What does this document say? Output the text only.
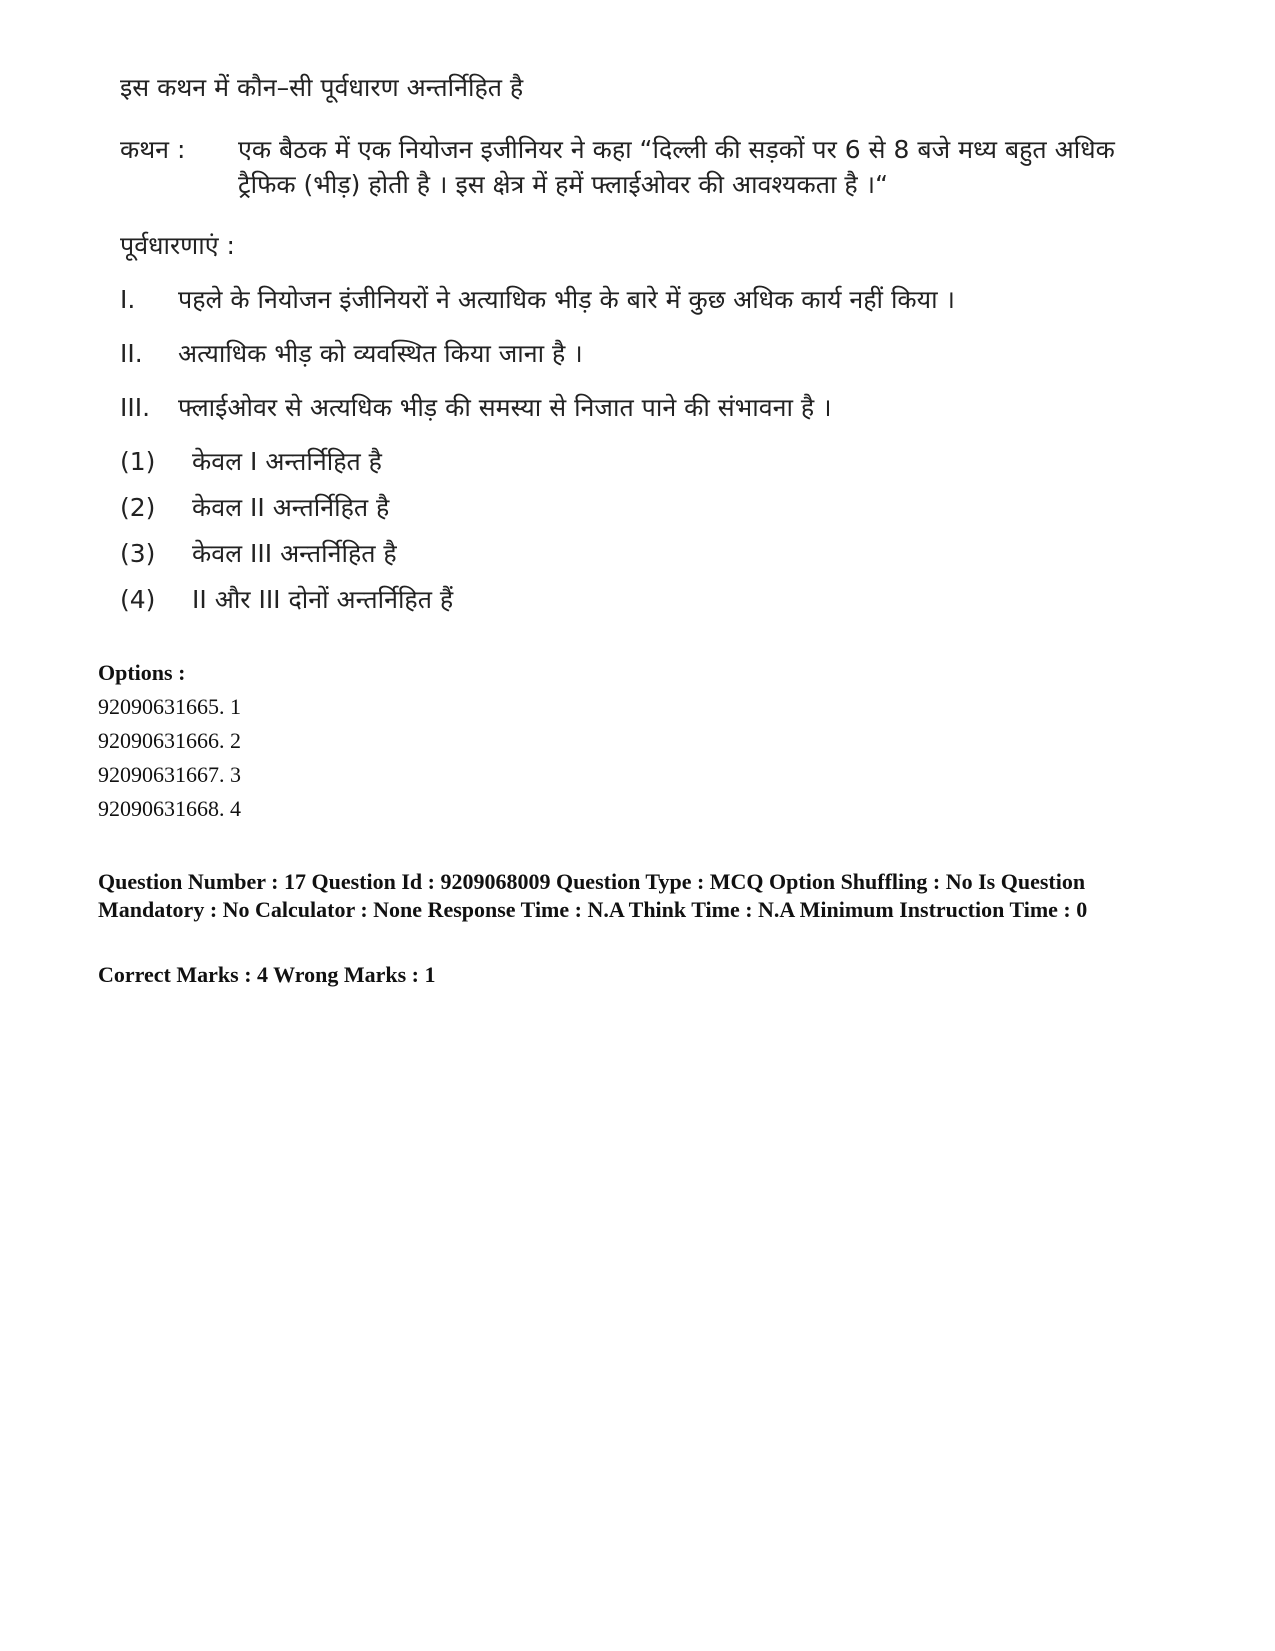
इस कथन में कौन–सी पूर्वधारण अन्तर्निहित है
कथन : एक बैठक में एक नियोजन इजीनियर ने कहा “दिल्ली की सड़कों पर 6 से 8 बजे मध्य बहुत अधिक ट्रैफिक (भीड़) होती है । इस क्षेत्र में हमें फ्लाईओवर की आवश्यकता है ।“
पूर्वधारणाएं :
I. पहले के नियोजन इंजीनियरों ने अत्याधिक भीड़ के बारे में कुछ अधिक कार्य नहीं किया ।
II. अत्याधिक भीड़ को व्यवस्थित किया जाना है ।
III. फ्लाईओवर से अत्यधिक भीड़ की समस्या से निजात पाने की संभावना है ।
(1) केवल I अन्तर्निहित है
(2) केवल II अन्तर्निहित है
(3) केवल III अन्तर्निहित है
(4) II और III दोनों अन्तर्निहित हैं
Options :
92090631665. 1
92090631666. 2
92090631667. 3
92090631668. 4
Question Number : 17 Question Id : 9209068009 Question Type : MCQ Option Shuffling : No Is Question Mandatory : No Calculator : None Response Time : N.A Think Time : N.A Minimum Instruction Time : 0
Correct Marks : 4 Wrong Marks : 1
